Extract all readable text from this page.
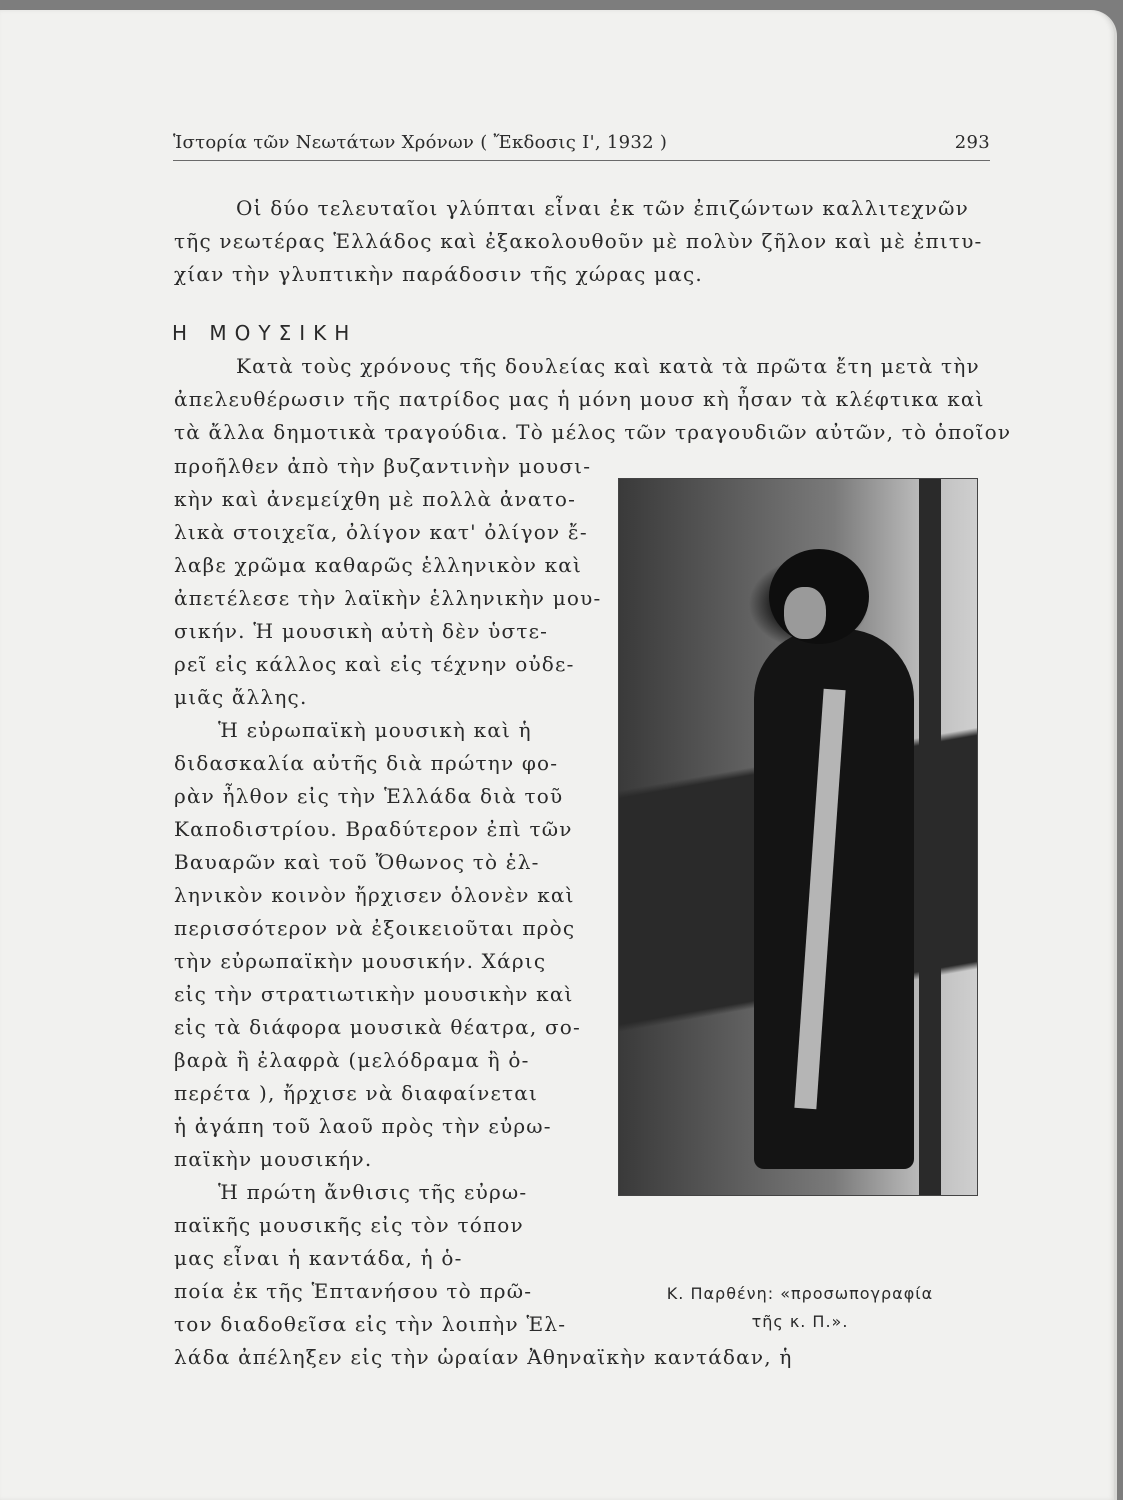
Ἱστορία τῶν Νεωτάτων Χρόνων ( Ἔκδοσις Ι', 1932 )	293
Οἱ δύο τελευταῖοι γλύπται εἶναι ἐκ τῶν ἐπιζώντων καλλιτεχνῶν
τῆς νεωτέρας Ἑλλάδος καὶ ἐξακολουθοῦν μὲ πολὺν ζῆλον καὶ μὲ ἐπιτυ-
χίαν τὴν γλυπτικὴν παράδοσιν τῆς χώρας μας.
Η ΜΟΥΣΙΚΗ
Κατὰ τοὺς χρόνους τῆς δουλείας καὶ κατὰ τὰ πρῶτα ἔτη μετὰ τὴν
ἀπελευθέρωσιν τῆς πατρίδος μας ἡ μόνη μουσ κὴ ἦσαν τὰ κλέφτικα καὶ
τὰ ἄλλα δημοτικὰ τραγούδια. Τὸ μέλος τῶν τραγουδιῶν αὐτῶν, τὸ ὁποῖον
προῆλθεν ἀπὸ τὴν βυζαντινὴν μουσι-
κὴν καὶ ἀνεμείχθη μὲ πολλὰ ἀνατο-
λικὰ στοιχεῖα, ὀλίγον κατ' ὀλίγον ἔ-
λαβε χρῶμα καθαρῶς ἑλληνικὸν καὶ
ἀπετέλεσε τὴν λαϊκὴν ἑλληνικὴν μου-
σικήν. Ἡ μουσικὴ αὐτὴ δὲν ὑστε-
ρεῖ εἰς κάλλος καὶ εἰς τέχνην οὐδε-
μιᾶς ἄλλης.
Ἡ εὐρωπαϊκὴ μουσικὴ καὶ ἡ
διδασκαλία αὐτῆς διὰ πρώτην φο-
ρὰν ἦλθον εἰς τὴν Ἑλλάδα διὰ τοῦ
Καποδιστρίου. Βραδύτερον ἐπὶ τῶν
Βαυαρῶν καὶ τοῦ Ὄθωνος τὸ ἑλ-
ληνικὸν κοινὸν ἤρχισεν ὁλονὲν καὶ
περισσότερον νὰ ἐξοικειοῦται πρὸς
τὴν εὐρωπαϊκὴν μουσικήν. Χάρις
εἰς τὴν στρατιωτικὴν μουσικὴν καὶ
εἰς τὰ διάφορα μουσικὰ θέατρα, σο-
βαρὰ ἢ ἐλαφρὰ (μελόδραμα ἢ ὀ-
περέτα ), ἤρχισε νὰ διαφαίνεται
ἡ ἀγάπη τοῦ λαοῦ πρὸς τὴν εὐρω-
παϊκὴν μουσικήν.
Ἡ πρώτη ἄνθισις τῆς εὐρω-
παϊκῆς μουσικῆς εἰς τὸν τόπον
μας εἶναι ἡ καντάδα, ἡ ὁ-
ποία ἐκ τῆς Ἑπτανήσου τὸ πρῶ-
τον διαδοθεῖσα εἰς τὴν λοιπὴν Ἑλ-
λάδα ἀπέληξεν εἰς τὴν ὡραίαν Ἀθηναϊκὴν καντάδαν, ἡ
Κ. Παρθένη: «προσωπογραφία
τῆς κ. Π.».
